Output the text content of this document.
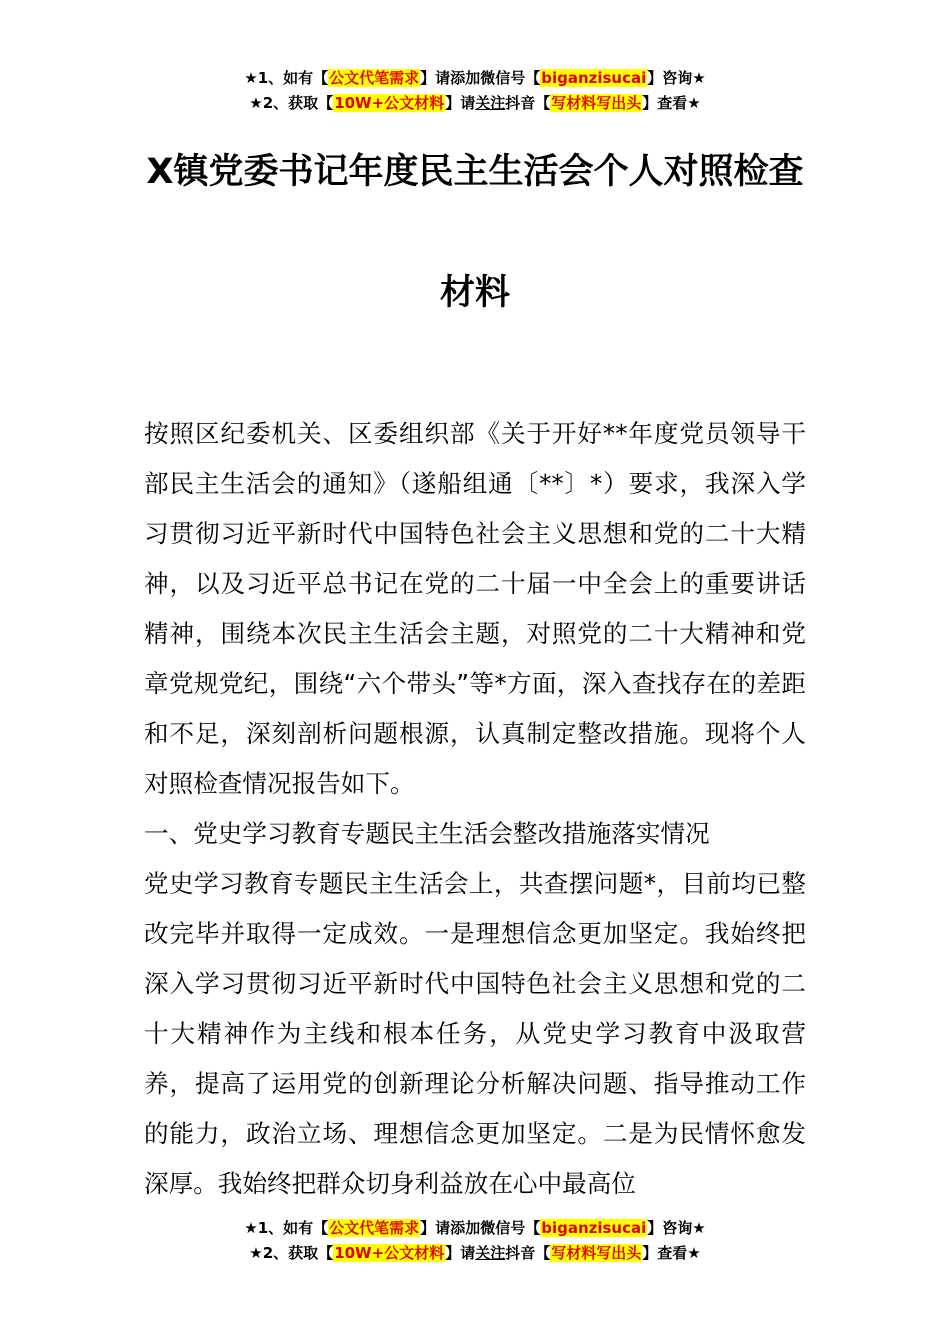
★1、如有【公文代笔需求】请添加微信号【biganzisucai】咨询★
★2、获取【10W+公文材料】请关注抖音【写材料写出头】查看★
X镇党委书记年度民主生活会个人对照检查
材料

按照区纪委机关、区委组织部《关于开好**年度党员领导干部民主生活会的通知》（遂船组通〔**〕*）要求，我深入学习贯彻习近平新时代中国特色社会主义思想和党的二十大精神，以及习近平总书记在党的二十届一中全会上的重要讲话精神，围绕本次民主生活会主题，对照党的二十大精神和党章党规党纪，围绕“六个带头”等*方面，深入查找存在的差距和不足，深刻剖析问题根源，认真制定整改措施。现将个人对照检查情况报告如下。

一、党史学习教育专题民主生活会整改措施落实情况

党史学习教育专题民主生活会上，共查摆问题*，目前均已整改完毕并取得一定成效。一是理想信念更加坚定。我始终把深入学习贯彻习近平新时代中国特色社会主义思想和党的二十大精神作为主线和根本任务，从党史学习教育中汲取营养，提高了运用党的创新理论分析解决问题、指导推动工作的能力，政治立场、理想信念更加坚定。二是为民情怀愈发深厚。我始终把群众切身利益放在心中最高位

★1、如有【公文代笔需求】请添加微信号【biganzisucai】咨询★
★2、获取【10W+公文材料】请关注抖音【写材料写出头】查看★
